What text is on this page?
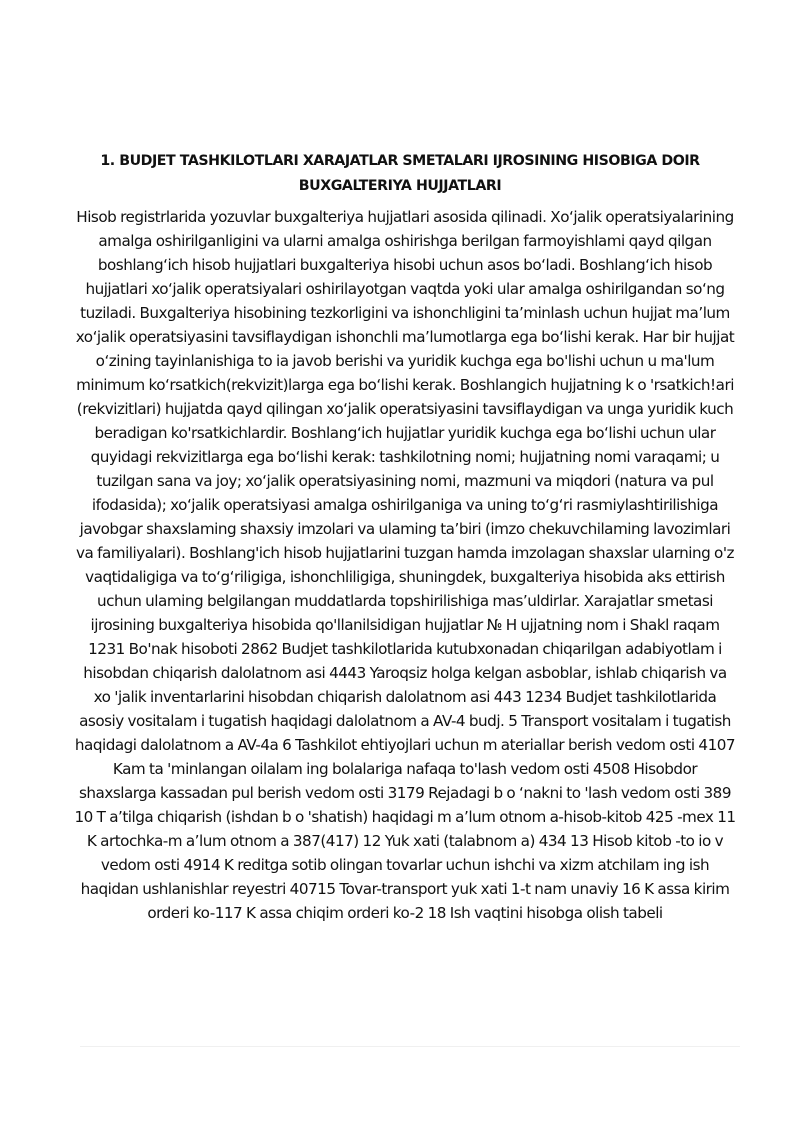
1. BUDJET TASHKILOTLARI XARAJATLAR SMETALARI IJROSINING HISOBIGA DOIR BUXGALTERIYA HUJJATLARI

Hisob registrlarida yozuvlar buxgalteriya hujjatlari asosida qilinadi. Xo‘jalik operatsiyalarining amalga oshirilganligini va ularni amalga oshirishga berilgan farmoyishlami qayd qilgan boshlang‘ich hisob hujjatlari buxgalteriya hisobi uchun asos bo‘ladi. Boshlang‘ich hisob hujjatlari xo‘jalik operatsiyalari oshirilayotgan vaqtda yoki ular amalga oshirilgandan so‘ng tuziladi. Buxgalteriya hisobining tezkorligini va ishonchligini ta’minlash uchun hujjat ma’lum xo‘jalik operatsiyasini tavsiflaydigan ishonchli ma’lumotlarga ega bo‘lishi kerak. Har bir hujjat o‘zining tayinlanishiga to ia javob berishi va yuridik kuchga ega bo'lishi uchun u ma'lum minimum ko‘rsatkich(rekvizit)larga ega bo‘lishi kerak. Boshlangich hujjatning k o 'rsatkich!ari (rekvizitlari) hujjatda qayd qilingan xo‘jalik operatsiyasini tavsiflaydigan va unga yuridik kuch beradigan ko'rsatkichlardir. Boshlang‘ich hujjatlar yuridik kuchga ega bo‘lishi uchun ular quyidagi rekvizitlarga ega bo‘lishi kerak: tashkilotning nomi; hujjatning nomi varaqami; u tuzilgan sana va joy; xo‘jalik operatsiyasining nomi, mazmuni va miqdori (natura va pul ifodasida); xo‘jalik operatsiyasi amalga oshirilganiga va uning to‘g‘ri rasmiylashtirilishiga javobgar shaxslaming shaxsiy imzolari va ulaming ta’biri (imzo chekuvchilaming lavozimlari va familiyalari). Boshlang'ich hisob hujjatlarini tuzgan hamda imzolagan shaxslar ularning o'z vaqtidaligiga va to‘g‘riligiga, ishonchliligiga, shuningdek, buxgalteriya hisobida aks ettirish uchun ulaming belgilangan muddatlarda topshirilishiga mas’uldirlar. Xarajatlar smetasi ijrosining buxgalteriya hisobida qo'llanilsidigan hujjatlar № H ujjatning nom i Shakl raqam 1231 Bo'nak hisoboti 2862 Budjet tashkilotlarida kutubxonadan chiqarilgan adabiyotlam i hisobdan chiqarish dalolatnom asi 4443 Yaroqsiz holga kelgan asboblar, ishlab chiqarish va xo 'jalik inventarlarini hisobdan chiqarish dalolatnom asi 443 1234 Budjet tashkilotlarida asosiy vositalam i tugatish haqidagi dalolatnom a AV-4 budj. 5 Transport vositalam i tugatish haqidagi dalolatnom a AV-4a 6 Tashkilot ehtiyojlari uchun m ateriallar berish vedom osti 4107 Kam ta 'minlangan oilalam ing bolalariga nafaqa to'lash vedom osti 4508 Hisobdor shaxslarga kassadan pul berish vedom osti 3179 Rejadagi b o ‘nakni to 'lash vedom osti 389 10 T a’tilga chiqarish (ishdan b o 'shatish) haqidagi m a’lum otnom a-hisob-kitob 425 -mex 11 K artochka-m a’lum otnom a 387(417) 12 Yuk xati (talabnom a) 434 13 Hisob kitob -to io v vedom osti 4914 K reditga sotib olingan tovarlar uchun ishchi va xizm atchilam ing ish haqidan ushlanishlar reyestri 40715 Tovar-transport yuk xati 1-t nam unaviy 16 K assa kirim orderi ko-117 K assa chiqim orderi ko-2 18 Ish vaqtini hisobga olish tabeli
